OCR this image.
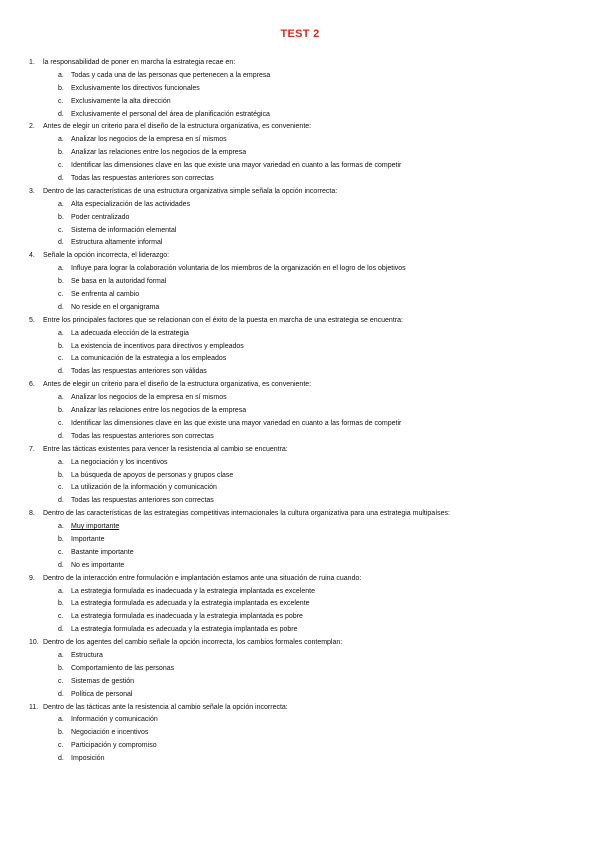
TEST 2
1.	la responsabilidad de poner en marcha la estrategia recae en:
a.	Todas y cada una de las personas que pertenecen a la empresa
b.	Exclusivamente los directivos funcionales
c.	Exclusivamente la alta dirección
d.	Exclusivamente el personal del área de planificación estratégica
2.	Antes de elegir un criterio para el diseño de la estructura organizativa, es conveniente:
a.	Analizar los negocios de la empresa en sí mismos
b.	Analizar las relaciones entre los negocios de la empresa
c.	Identificar las dimensiones clave en las que existe una mayor variedad en cuanto a las formas de competir
d.	Todas las respuestas anteriores son correctas
3.	Dentro de las características de una estructura organizativa simple señala la opción incorrecta:
a.	Alta especialización de las actividades
b.	Poder centralizado
c.	Sistema de información elemental
d.	Estructura altamente informal
4.	Señale la opción incorrecta, el liderazgo:
a.	Influye para lograr la colaboración voluntaria de los miembros de la organización en el logro de los objetivos
b.	Se basa en la autoridad formal
c.	Se enfrenta al cambio
d.	No reside en el organigrama
5.	Entre los principales factores que se relacionan con el éxito de la puesta en marcha de una estrategia se encuentra:
a.	La adecuada elección de la estrategia
b.	La existencia de incentivos para directivos y empleados
c.	La comunicación de la estrategia a los empleados
d.	Todas las respuestas anteriores son válidas
6.	Antes de elegir un criterio para el diseño de la estructura organizativa, es conveniente:
a.	Analizar los negocios de la empresa en sí mismos
b.	Analizar las relaciones entre los negocios de la empresa
c.	Identificar las dimensiones clave en las que existe una mayor variedad en cuanto a las formas de competir
d.	Todas las respuestas anteriores son correctas
7.	Entre las tácticas existentes para vencer la resistencia al cambio se encuentra:
a.	La negociación y los incentivos
b.	La búsqueda de apoyos de personas y grupos clase
c.	La utilización de la información y comunicación
d.	Todas las respuestas anteriores son correctas
8.	Dentro de las características de las estrategias competitivas internacionales la cultura organizativa para una estrategia multipaíses:
a.	Muy importante
b.	Importante
c.	Bastante importante
d.	No es importante
9.	Dentro de la interacción entre formulación e implantación estamos ante una situación de ruina cuando:
a.	La estrategia formulada es inadecuada y la estrategia implantada es excelente
b.	La estrategia formulada es adecuada y la estrategia implantada es excelente
c.	La estrategia formulada es inadecuada y la estrategia implantada es pobre
d.	La estrategia formulada es adecuada y la estrategia implantada es pobre
10. Dentro de los agentes del cambio señale la opción incorrecta, los cambios formales contemplan:
a.	Estructura
b.	Comportamiento de las personas
c.	Sistemas de gestión
d.	Política de personal
11. Dentro de las tácticas ante la resistencia al cambio señale la opción incorrecta:
a.	Información y comunicación
b.	Negociación e incentivos
c.	Participación y compromiso
d.	Imposición
